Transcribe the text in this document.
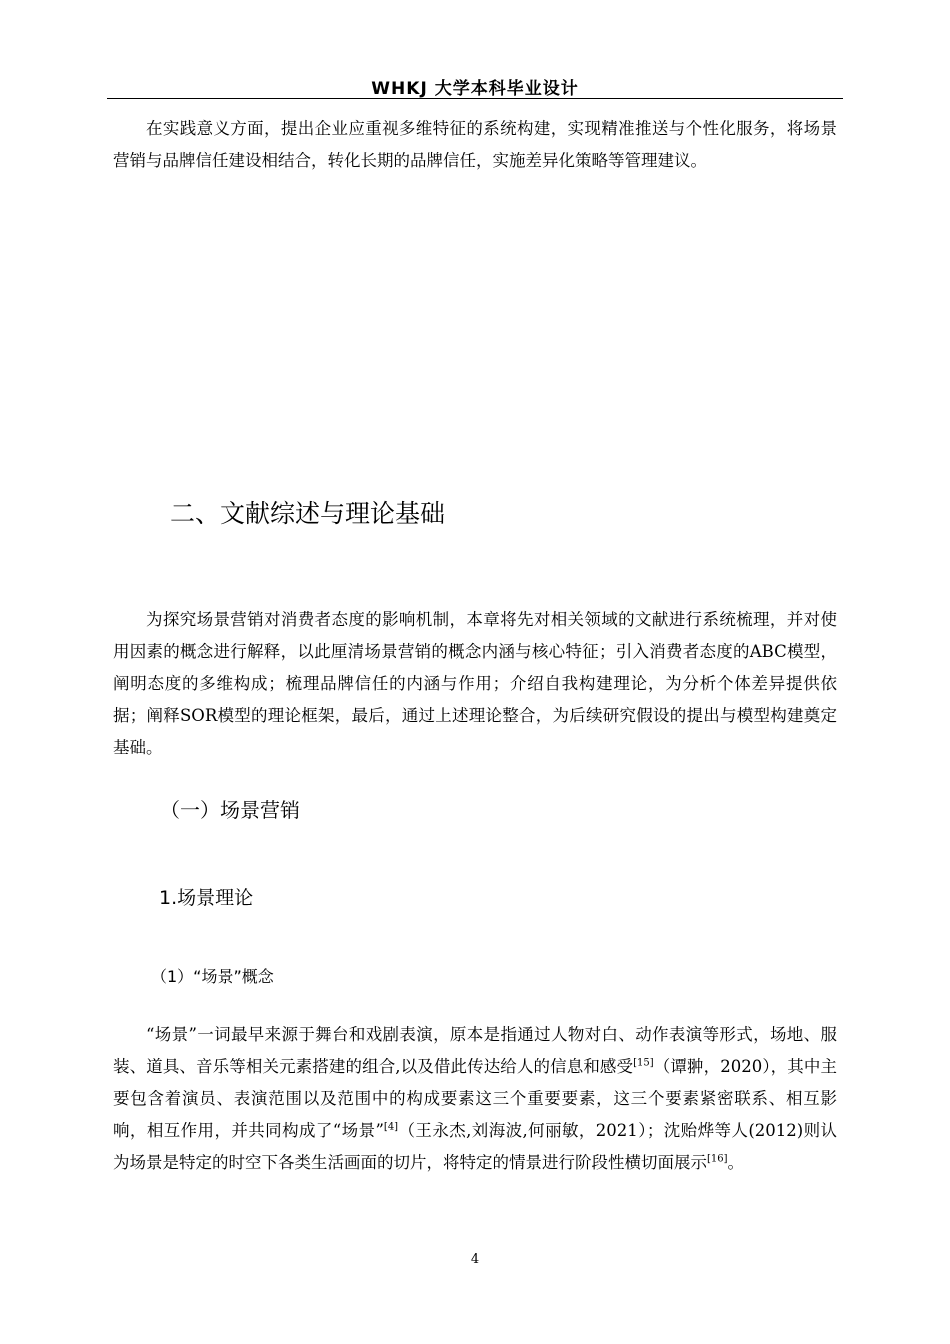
WHKJ 大学本科毕业设计

在实践意义方面，提出企业应重视多维特征的系统构建，实现精准推送与个性化服务，将场景营销与品牌信任建设相结合，转化长期的品牌信任，实施差异化策略等管理建议。

二、文献综述与理论基础

为探究场景营销对消费者态度的影响机制，本章将先对相关领域的文献进行系统梳理，并对使用因素的概念进行解释，以此厘清场景营销的概念内涵与核心特征；引入消费者态度的ABC模型，阐明态度的多维构成；梳理品牌信任的内涵与作用；介绍自我构建理论，为分析个体差异提供依据；阐释SOR模型的理论框架，最后，通过上述理论整合，为后续研究假设的提出与模型构建奠定基础。

（一）场景营销
1.场景理论
（1）“场景”概念

“场景”一词最早来源于舞台和戏剧表演，原本是指通过人物对白、动作表演等形式，场地、服装、道具、音乐等相关元素搭建的组合,以及借此传达给人的信息和感受[15]（谭翀，2020），其中主要包含着演员、表演范围以及范围中的构成要素这三个重要要素，这三个要素紧密联系、相互影响，相互作用，并共同构成了“场景”[4]（王永杰,刘海波,何丽敏，2021）；沈贻烨等人(2012)则认为场景是特定的时空下各类生活画面的切片，将特定的情景进行阶段性横切面展示[16]。

4
